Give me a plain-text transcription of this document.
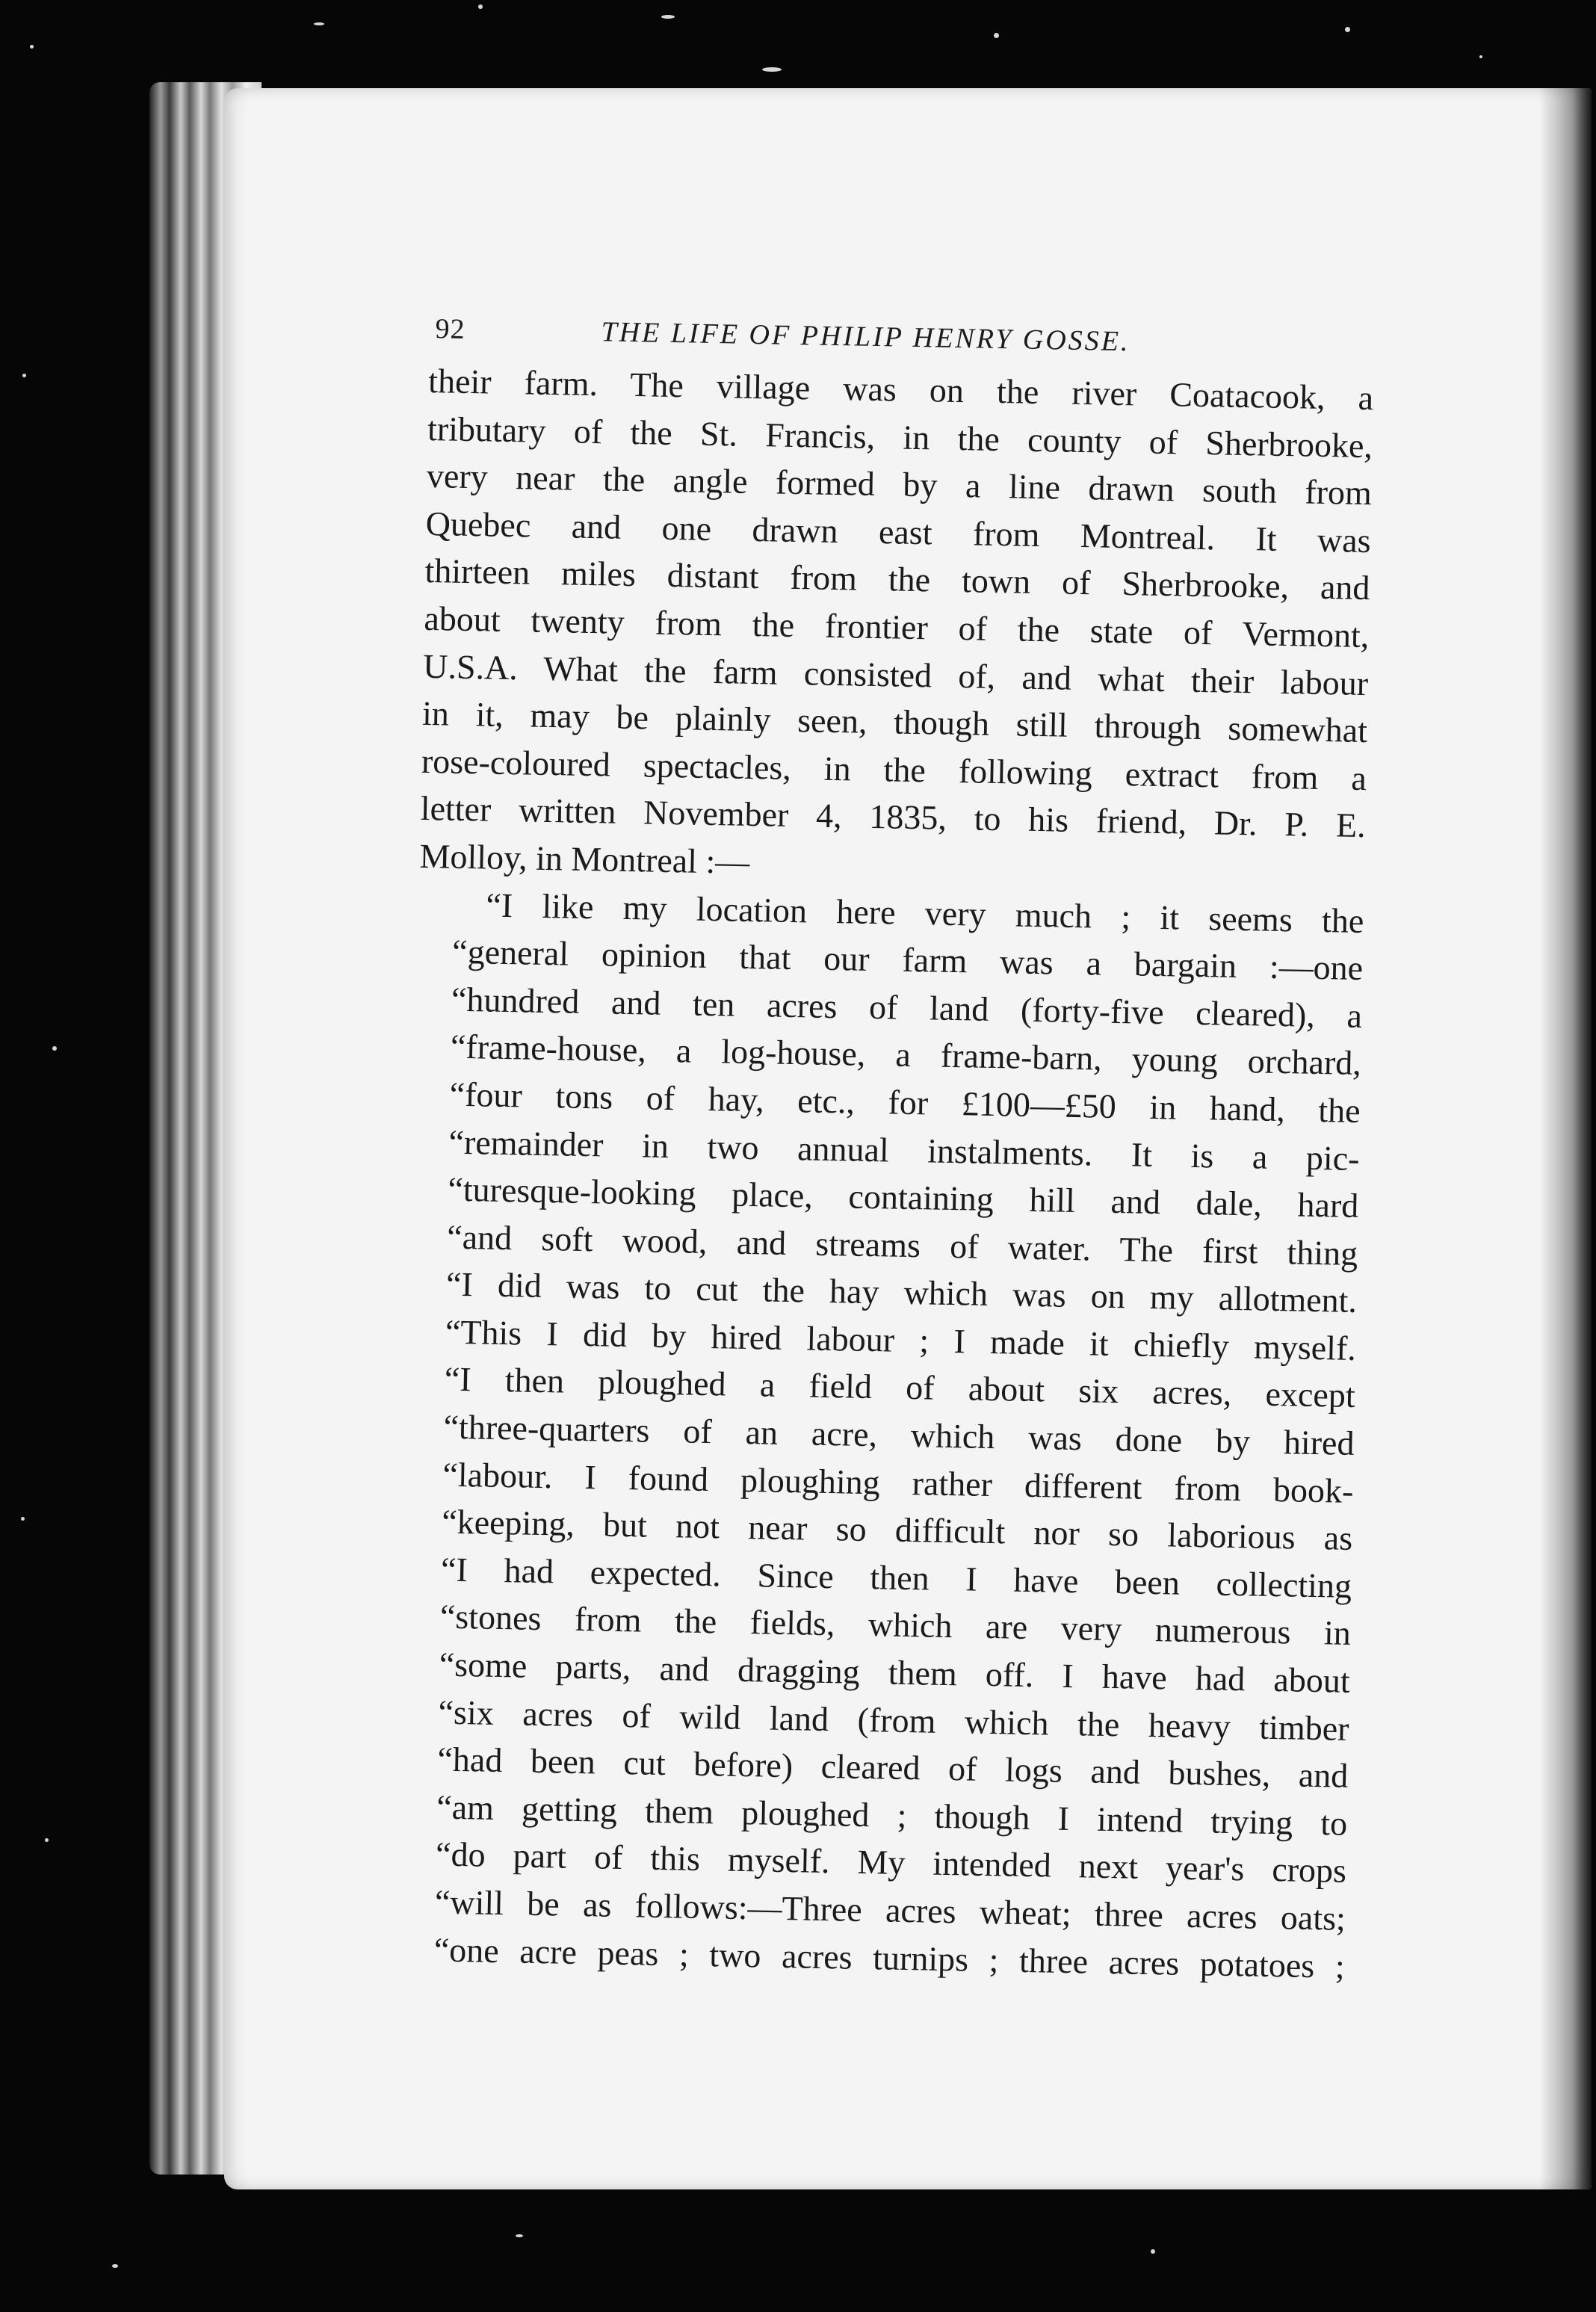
92	THE LIFE OF PHILIP HENRY GOSSE.
their farm. The village was on the river Coatacook, a
tributary of the St. Francis, in the county of Sherbrooke,
very near the angle formed by a line drawn south from
Quebec and one drawn east from Montreal. It was
thirteen miles distant from the town of Sherbrooke, and
about twenty from the frontier of the state of Vermont,
U.S.A. What the farm consisted of, and what their labour
in it, may be plainly seen, though still through somewhat
rose-coloured spectacles, in the following extract from a
letter written November 4, 1835, to his friend, Dr. P. E.
Molloy, in Montreal :—
“I like my location here very much ; it seems the
“general opinion that our farm was a bargain :—one
“hundred and ten acres of land (forty-five cleared), a
“frame-house, a log-house, a frame-barn, young orchard,
“four tons of hay, etc., for £100—£50 in hand, the
“remainder in two annual instalments. It is a pic-
“turesque-looking place, containing hill and dale, hard
“and soft wood, and streams of water. The first thing
“I did was to cut the hay which was on my allotment.
“This I did by hired labour ; I made it chiefly myself.
“I then ploughed a field of about six acres, except
“three-quarters of an acre, which was done by hired
“labour. I found ploughing rather different from book-
“keeping, but not near so difficult nor so laborious as
“I had expected. Since then I have been collecting
“stones from the fields, which are very numerous in
“some parts, and dragging them off. I have had about
“six acres of wild land (from which the heavy timber
“had been cut before) cleared of logs and bushes, and
“am getting them ploughed ; though I intend trying to
“do part of this myself. My intended next year's crops
“will be as follows:—Three acres wheat; three acres oats;
“one acre peas ; two acres turnips ; three acres potatoes ;
